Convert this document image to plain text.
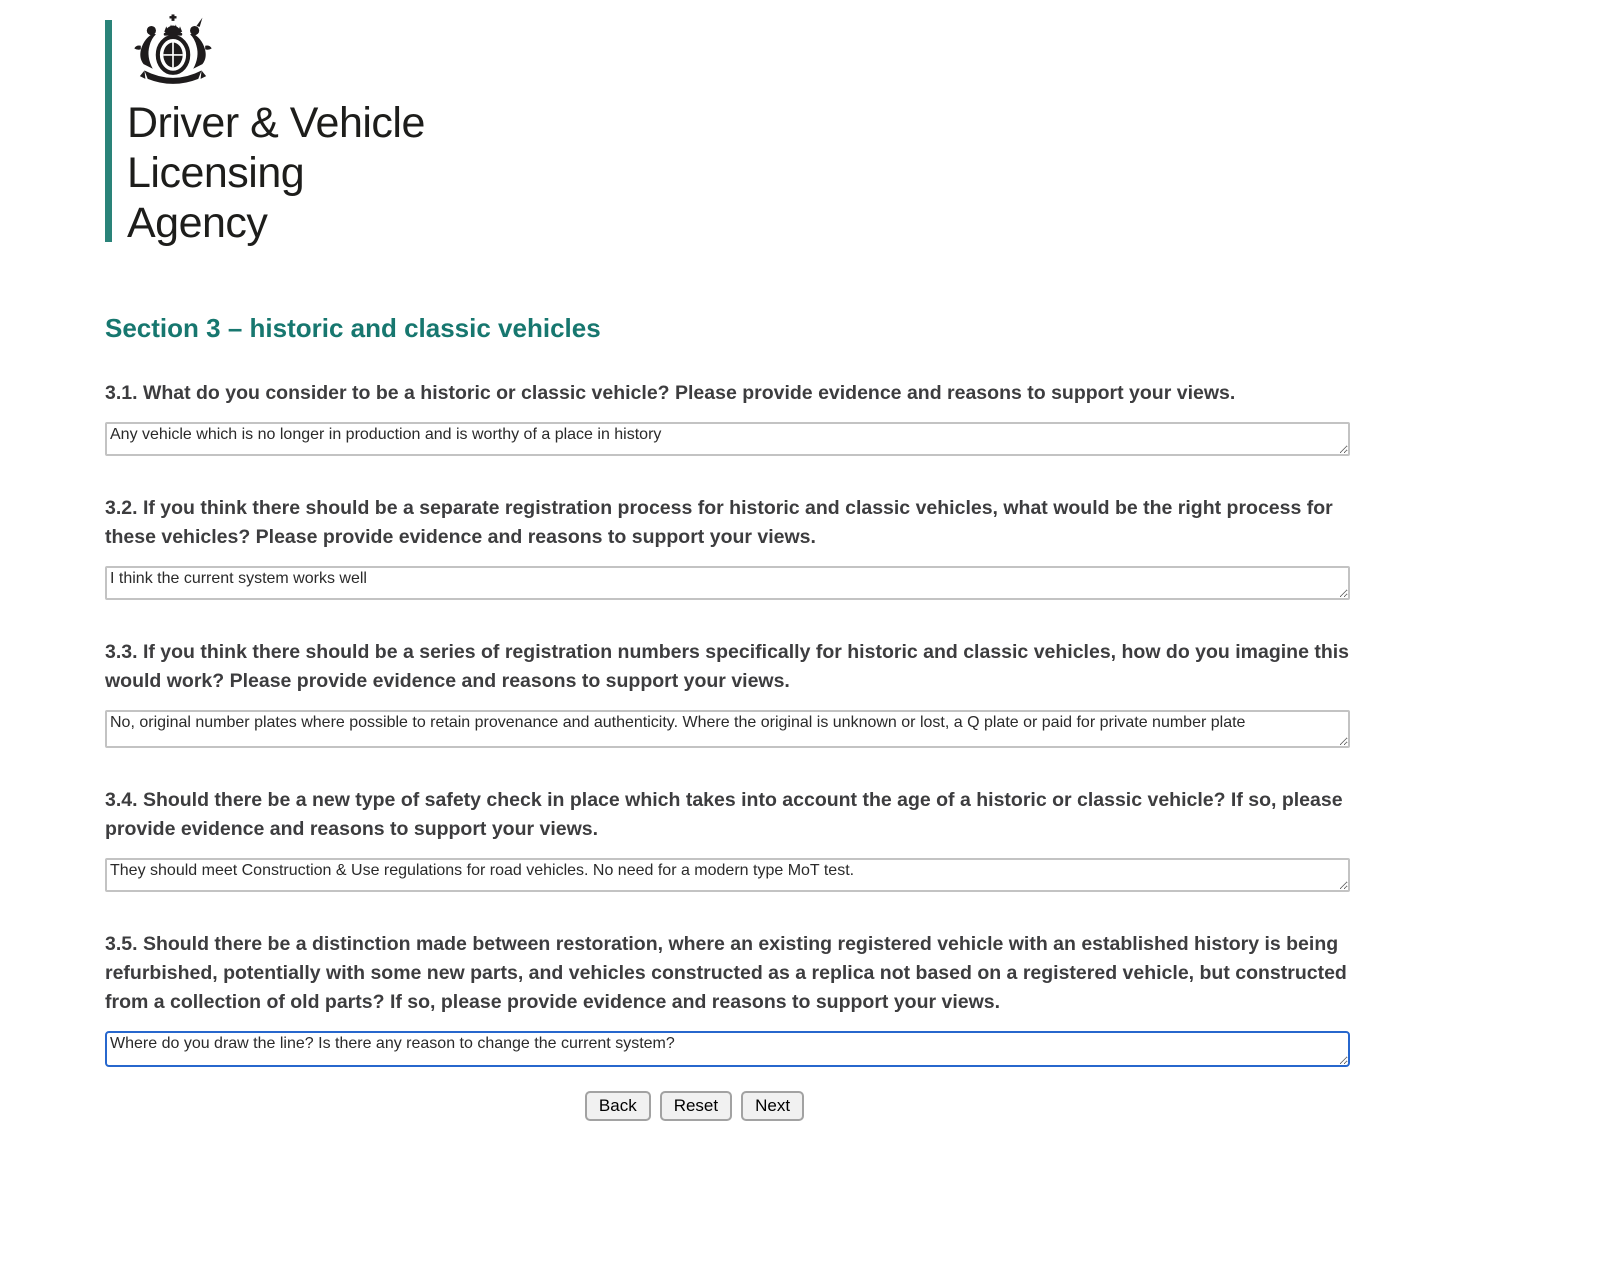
Driver & Vehicle
Licensing
Agency
Section 3 – historic and classic vehicles

3.1. What do you consider to be a historic or classic vehicle? Please provide evidence and reasons to support your views.

Any vehicle which is no longer in production and is worthy of a place in history

3.2. If you think there should be a separate registration process for historic and classic vehicles, what would be the right process for these vehicles? Please provide evidence and reasons to support your views.

I think the current system works well

3.3. If you think there should be a series of registration numbers specifically for historic and classic vehicles, how do you imagine this would work? Please provide evidence and reasons to support your views.

No, original number plates where possible to retain provenance and authenticity. Where the original is unknown or lost, a Q plate or paid for private number plate

3.4. Should there be a new type of safety check in place which takes into account the age of a historic or classic vehicle? If so, please provide evidence and reasons to support your views.

They should meet Construction & Use regulations for road vehicles. No need for a modern type MoT test.

3.5. Should there be a distinction made between restoration, where an existing registered vehicle with an established history is being refurbished, potentially with some new parts, and vehicles constructed as a replica not based on a registered vehicle, but constructed from a collection of old parts? If so, please provide evidence and reasons to support your views.

Where do you draw the line? Is there any reason to change the current system?
Back	Reset	Next
